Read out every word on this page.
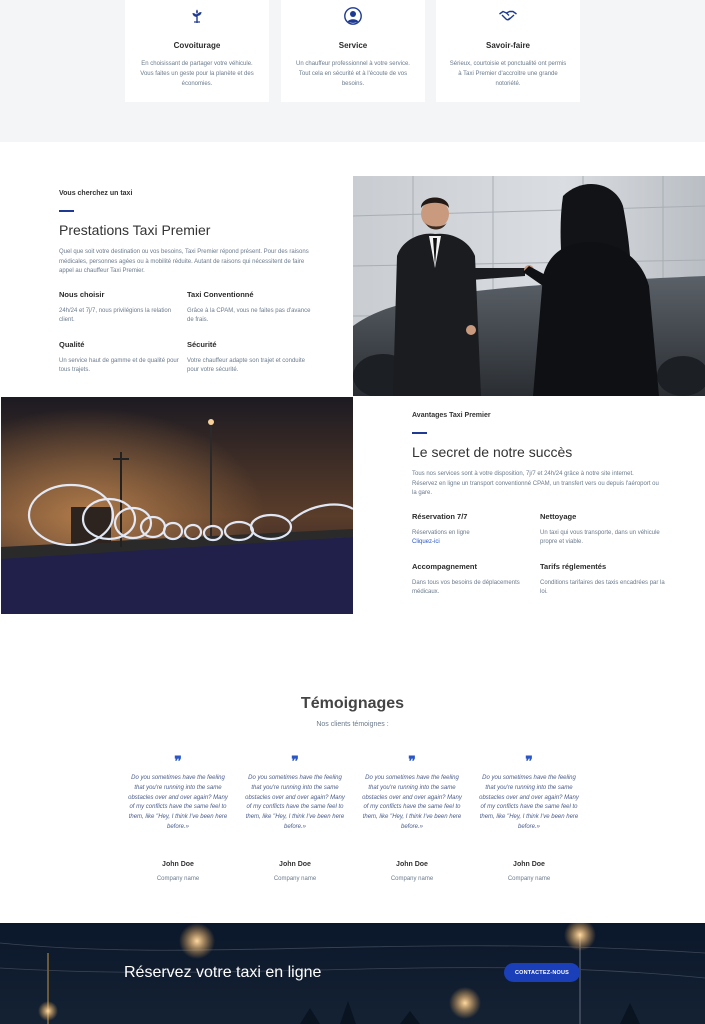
Covoiturage

En choisissant de partager votre véhicule. Vous faites un geste pour la planète et des économies.

Service

Un chauffeur professionnel à votre service. Tout cela en sécurité et à l'écoute de vos besoins.

Savoir-faire

Sérieux, courtoisie et ponctualité ont permis à Taxi Premier d'accroitre une grande notoriété.

Vous cherchez un taxi
Prestations Taxi Premier

Quel que soit votre destination ou vos besoins, Taxi Premier répond présent. Pour des raisons médicales, personnes agées ou à mobilité réduite. Autant de raisons qui nécessitent de faire appel au chauffeur Taxi Premier.

Nous choisir

24h/24 et 7j/7, nous privilégions la relation client.

Taxi Conventionné

Grâce à la CPAM, vous ne faites pas d'avance de frais.

Qualité

Un service haut de gamme et de qualité pour tous trajets.

Sécurité

Votre chauffeur adapte son trajet et conduite pour votre sécurité.

Avantages Taxi Premier
Le secret de notre succès

Tous nos services sont à votre disposition, 7j/7 et 24h/24 grâce à notre site internet. Réservez en ligne un transport conventionné CPAM, un transfert vers ou depuis l'aéroport ou la gare.

Réservation 7/7

Réservations en ligne

Cliquez-ici
Nettoyage

Un taxi qui vous transporte, dans un véhicule propre et viable.

Accompagnement

Dans tous vos besoins de déplacements médicaux.

Tarifs réglementés

Conditions tarifaires des taxis encadrées par la loi.

Témoignages
Nos clients témoignes :
❞

Do you sometimes have the feeling that you're running into the same obstacles over and over again? Many of my conflicts have the same feel to them, like "Hey, I think I've been here before.»

John Doe
Company name
❞

Do you sometimes have the feeling that you're running into the same obstacles over and over again? Many of my conflicts have the same feel to them, like "Hey, I think I've been here before.»

John Doe
Company name
❞

Do you sometimes have the feeling that you're running into the same obstacles over and over again? Many of my conflicts have the same feel to them, like "Hey, I think I've been here before.»

John Doe
Company name
❞

Do you sometimes have the feeling that you're running into the same obstacles over and over again? Many of my conflicts have the same feel to them, like "Hey, I think I've been here before.»

John Doe
Company name
Réservez votre taxi en ligne	CONTACTEZ-NOUS
